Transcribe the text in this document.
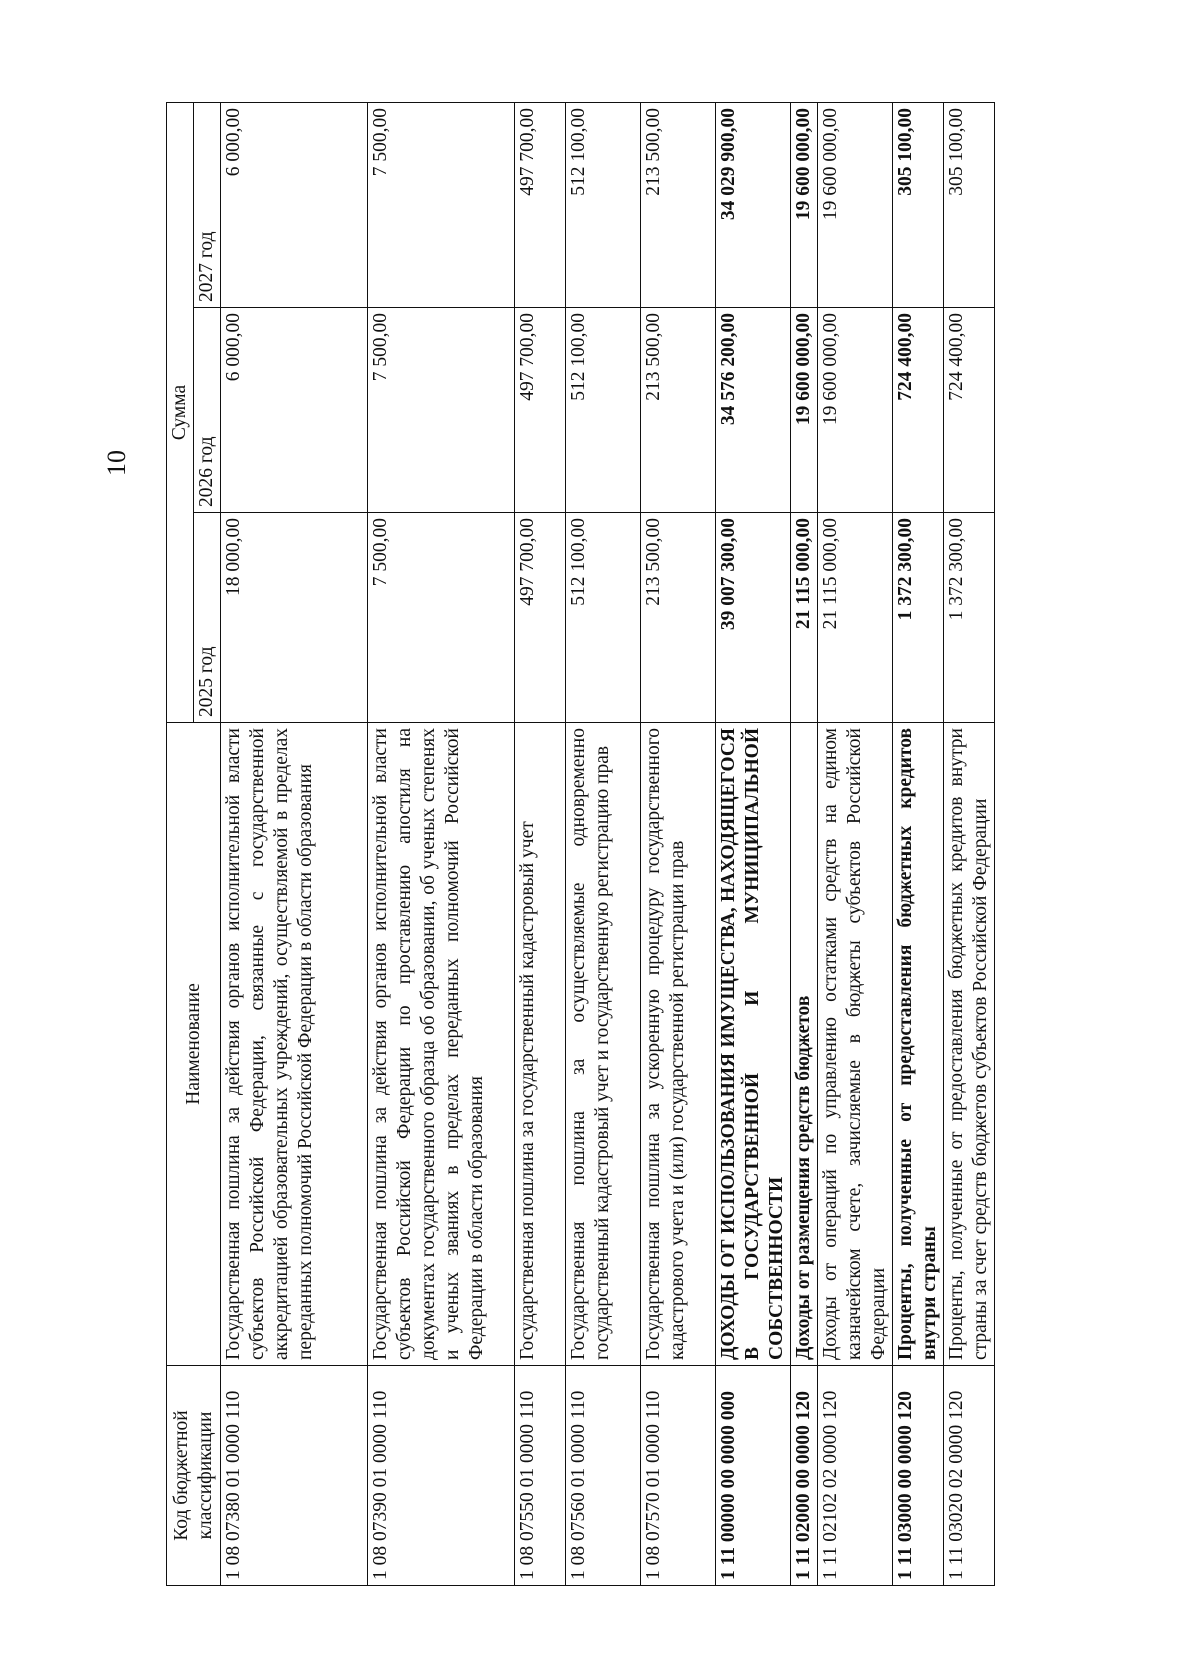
10
Код бюджетной классификации	Наименование	Сумма		
		2025 год	2026 год	2027 год
1 08 07380 01 0000 110	Государственная пошлина за действия органов исполнительной власти субъектов Российской Федерации, связанные с государственной аккредитацией образовательных учреждений, осуществляемой в пределах переданных полномочий Российской Федерации в области образования	18 000,00	6 000,00	6 000,00
1 08 07390 01 0000 110	Государственная пошлина за действия органов исполнительной власти субъектов Российской Федерации по проставлению апостиля на документах государственного образца об образовании, об ученых степенях и ученых званиях в пределах переданных полномочий Российской Федерации в области образования	7 500,00	7 500,00	7 500,00
1 08 07550 01 0000 110	Государственная пошлина за государственный кадастровый учет	497 700,00	497 700,00	497 700,00
1 08 07560 01 0000 110	Государственная пошлина за осуществляемые одновременно государственный кадастровый учет и государственную регистрацию прав	512 100,00	512 100,00	512 100,00
1 08 07570 01 0000 110	Государственная пошлина за ускоренную процедуру государственного кадастрового учета и (или) государственной регистрации прав	213 500,00	213 500,00	213 500,00
1 11 00000 00 0000 000	ДОХОДЫ ОТ ИСПОЛЬЗОВАНИЯ ИМУЩЕСТВА, НАХОДЯЩЕГОСЯ В ГОСУДАРСТВЕННОЙ И МУНИЦИПАЛЬНОЙ СОБСТВЕННОСТИ	39 007 300,00	34 576 200,00	34 029 900,00
1 11 02000 00 0000 120	Доходы от размещения средств бюджетов	21 115 000,00	19 600 000,00	19 600 000,00
1 11 02102 02 0000 120	Доходы от операций по управлению остатками средств на едином казначейском счете, зачисляемые в бюджеты субъектов Российской Федерации	21 115 000,00	19 600 000,00	19 600 000,00
1 11 03000 00 0000 120	Проценты, полученные от предоставления бюджетных кредитов внутри страны	1 372 300,00	724 400,00	305 100,00
1 11 03020 02 0000 120	Проценты, полученные от предоставления бюджетных кредитов внутри страны за счет средств бюджетов субъектов Российской Федерации	1 372 300,00	724 400,00	305 100,00
